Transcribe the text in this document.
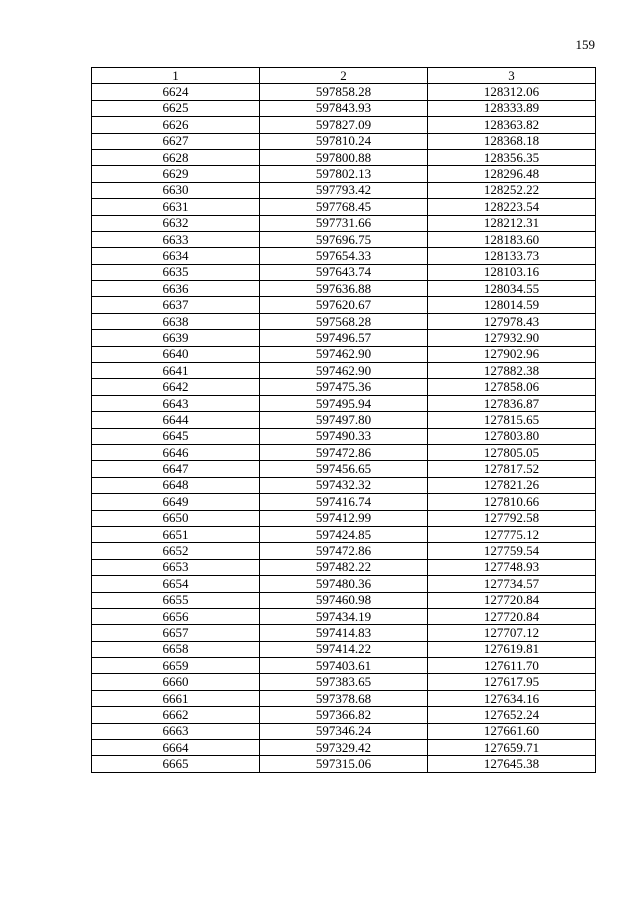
159
1	2	3
6624	597858.28	128312.06
6625	597843.93	128333.89
6626	597827.09	128363.82
6627	597810.24	128368.18
6628	597800.88	128356.35
6629	597802.13	128296.48
6630	597793.42	128252.22
6631	597768.45	128223.54
6632	597731.66	128212.31
6633	597696.75	128183.60
6634	597654.33	128133.73
6635	597643.74	128103.16
6636	597636.88	128034.55
6637	597620.67	128014.59
6638	597568.28	127978.43
6639	597496.57	127932.90
6640	597462.90	127902.96
6641	597462.90	127882.38
6642	597475.36	127858.06
6643	597495.94	127836.87
6644	597497.80	127815.65
6645	597490.33	127803.80
6646	597472.86	127805.05
6647	597456.65	127817.52
6648	597432.32	127821.26
6649	597416.74	127810.66
6650	597412.99	127792.58
6651	597424.85	127775.12
6652	597472.86	127759.54
6653	597482.22	127748.93
6654	597480.36	127734.57
6655	597460.98	127720.84
6656	597434.19	127720.84
6657	597414.83	127707.12
6658	597414.22	127619.81
6659	597403.61	127611.70
6660	597383.65	127617.95
6661	597378.68	127634.16
6662	597366.82	127652.24
6663	597346.24	127661.60
6664	597329.42	127659.71
6665	597315.06	127645.38
